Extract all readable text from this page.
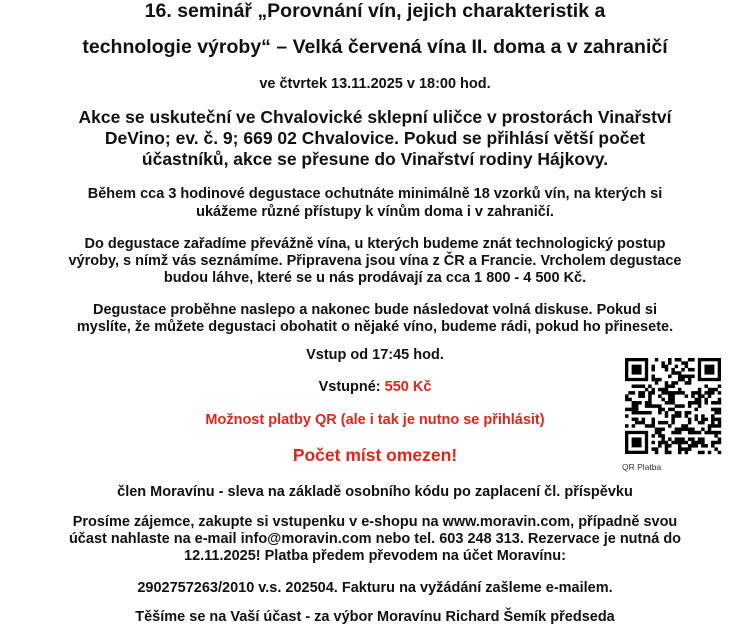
16. seminář „Porovnání vín, jejich charakteristik a
technologie výroby“ – Velká červená vína II. doma a v zahraničí
ve čtvrtek 13.11.2025 v 18:00 hod.
Akce se uskuteční ve Chvalovické sklepní uličce v prostorách Vinařství
DeVino; ev. č. 9; 669 02 Chvalovice. Pokud se přihlásí větší počet
účastníků, akce se přesune do Vinařství rodiny Hájkovy.
Během cca 3 hodinové degustace ochutnáte minimálně 18 vzorků vín, na kterých si
ukážeme různé přístupy k vínům doma i v zahraničí.
Do degustace zařadíme převážně vína, u kterých budeme znát technologický postup
výroby, s nímž vás seznámíme. Připravena jsou vína z ČR a Francie. Vrcholem degustace
budou láhve, které se u nás prodávají za cca 1 800 - 4 500 Kč.
Degustace proběhne naslepo a nakonec bude následovat volná diskuse. Pokud si
myslíte, že můžete degustaci obohatit o nějaké víno, budeme rádi, pokud ho přinesete.
Vstup od 17:45 hod.
Vstupné: 550 Kč
Možnost platby QR (ale i tak je nutno se přihlásit)
Počet míst omezen!
člen Moravínu - sleva na základě osobního kódu po zaplacení čl. příspěvku
Prosíme zájemce, zakupte si vstupenku v e-shopu na www.moravin.com, případně svou
účast nahlaste na e-mail info@moravin.com nebo tel. 603 248 313. Rezervace je nutná do
12.11.2025! Platba předem převodem na účet Moravínu:
2902757263/2010 v.s. 202504. Fakturu na vyžádání zašleme e-mailem.
Těšíme se na Vaší účast - za výbor Moravínu Richard Šemík předseda
QR Platba
